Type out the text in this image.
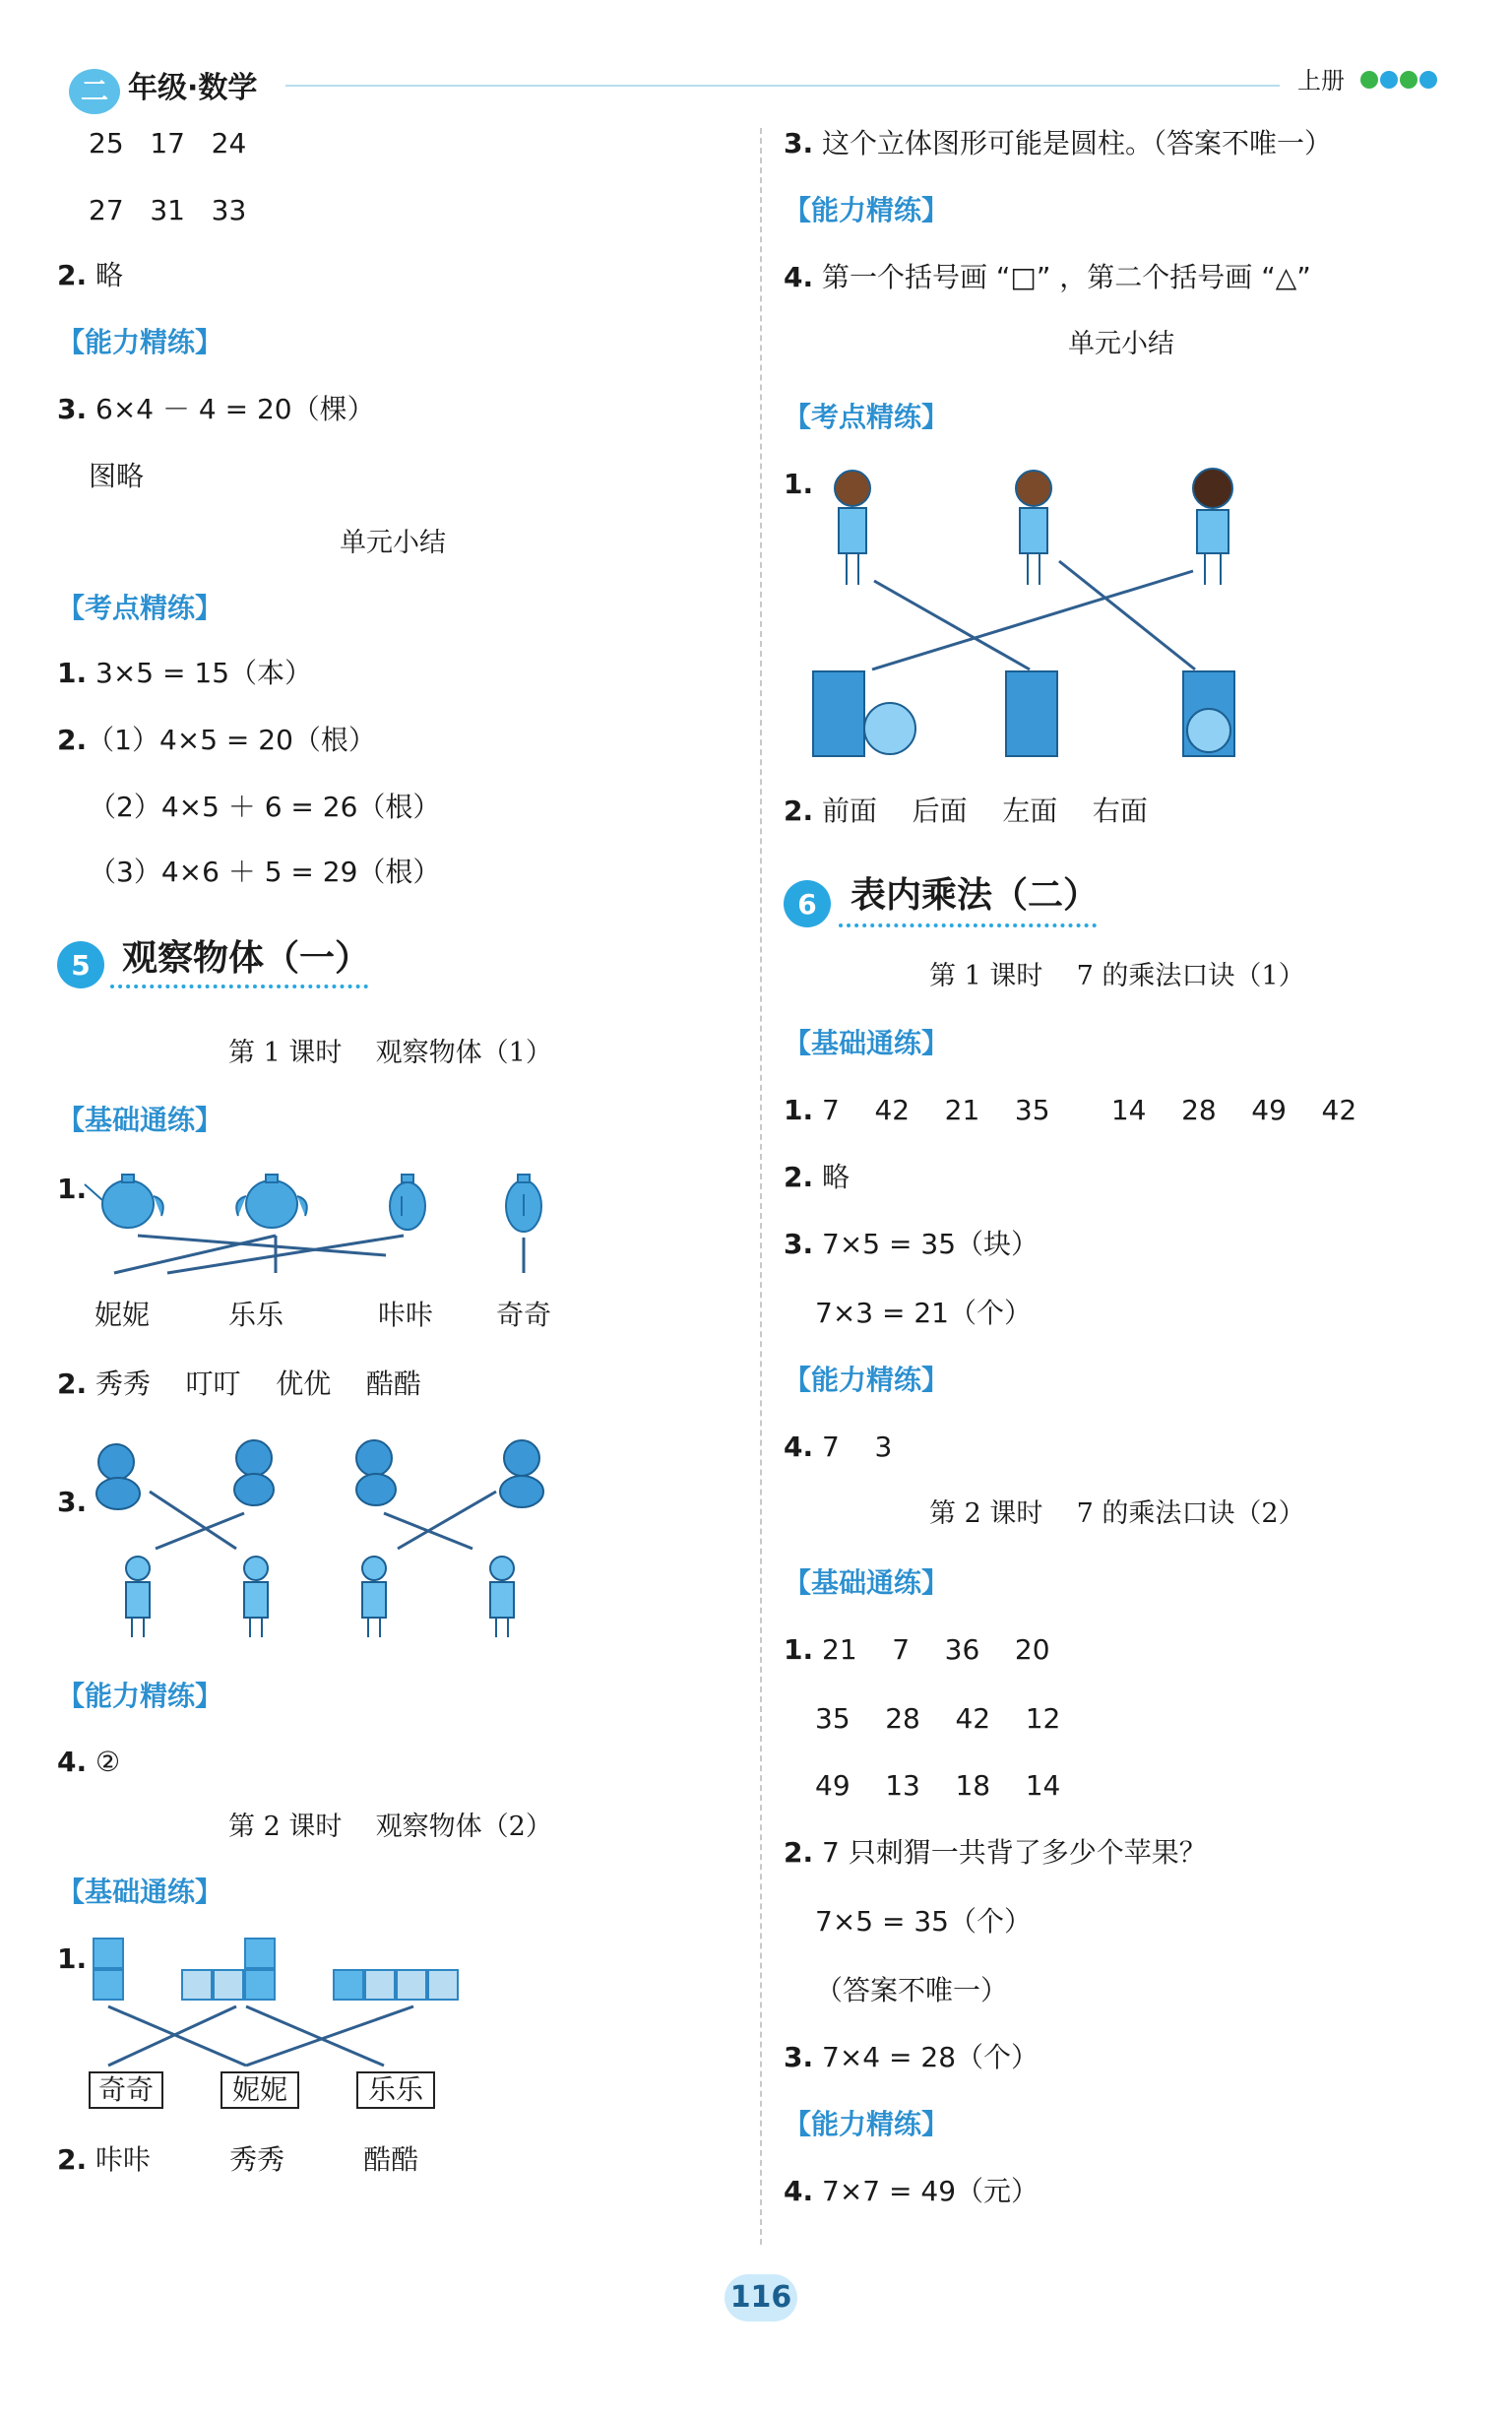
二 年级·数学	上册
25   17   24
27   31   33
2. 略
【能力精练】
3. 6×4 － 4 = 20（棵）
图略
单元小结
【考点精练】
1. 3×5 = 15（本）
2.（1）4×5 = 20（根）
（2）4×5 ＋ 6 = 26（根）
（3）4×6 ＋ 5 = 29（根）
5 观察物体（一）
第 1 课时    观察物体（1）
【基础通练】
1.
妮妮	乐乐	咔咔 奇奇
2. 秀秀    叮叮    优优    酷酷
3.
【能力精练】
4. ②
第 2 课时    观察物体（2）
【基础通练】
1.
奇奇	妮妮	乐乐
2. 咔咔         秀秀         酷酷
3. 这个立体图形可能是圆柱。（答案不唯一）
【能力精练】
4. 第一个括号画 “□” ，第二个括号画 “△”
单元小结
【考点精练】
1.
2. 前面    后面    左面    右面
6 表内乘法（二）
第 1 课时    7 的乘法口诀（1）
【基础通练】
1. 7    42    21    35       14    28    49    42
2. 略
3. 7×5 = 35（块）
7×3 = 21（个）
【能力精练】
4. 7    3
第 2 课时    7 的乘法口诀（2）
【基础通练】
1. 21    7    36    20
35    28    42    12
49    13    18    14
2. 7 只刺猬一共背了多少个苹果？
7×5 = 35（个）
（答案不唯一）
3. 7×4 = 28（个）
【能力精练】
4. 7×7 = 49（元）
116
